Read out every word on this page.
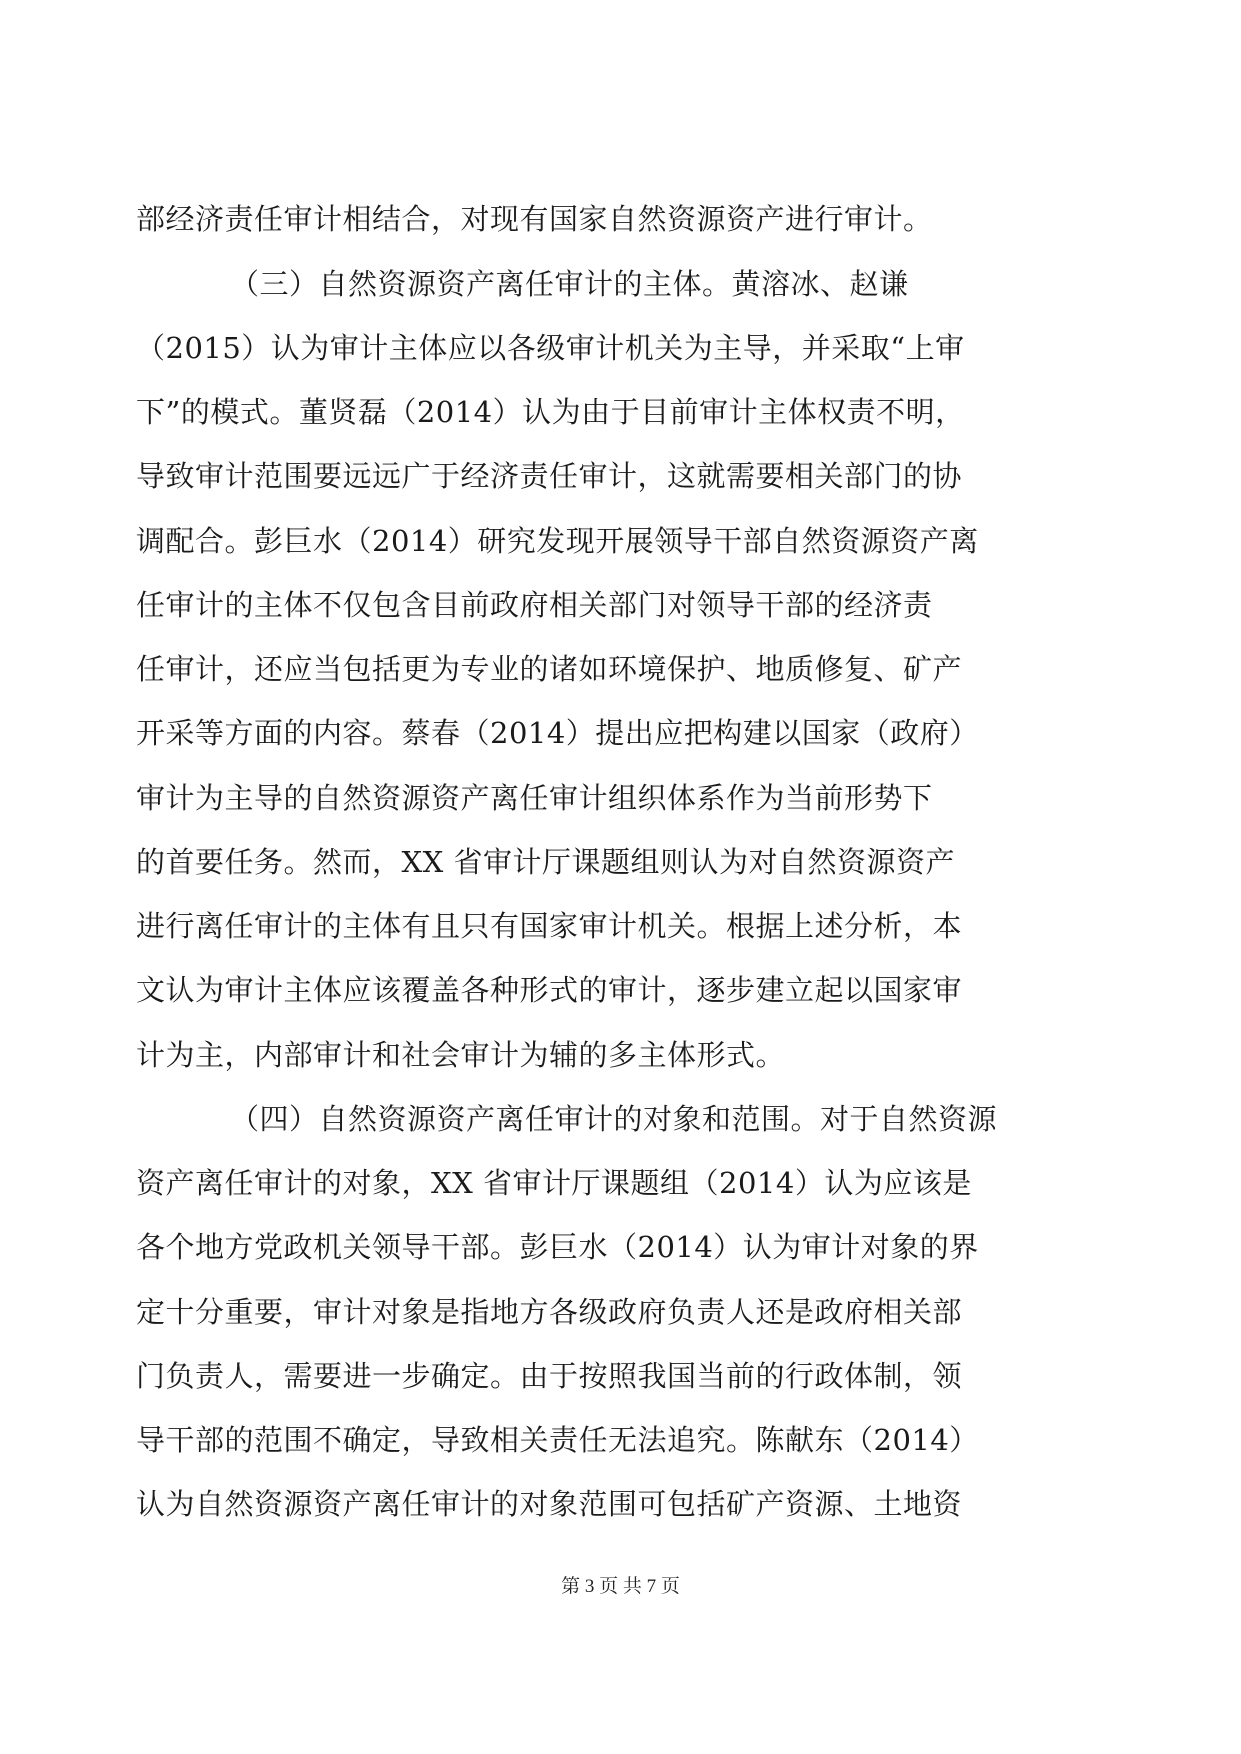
部经济责任审计相结合，对现有国家自然资源资产进行审计。
（三）自然资源资产离任审计的主体。黄溶冰、赵谦
（2015）认为审计主体应以各级审计机关为主导，并采取“上审
下”的模式。董贤磊（2014）认为由于目前审计主体权责不明，
导致审计范围要远远广于经济责任审计，这就需要相关部门的协
调配合。彭巨水（2014）研究发现开展领导干部自然资源资产离
任审计的主体不仅包含目前政府相关部门对领导干部的经济责
任审计，还应当包括更为专业的诸如环境保护、地质修复、矿产
开采等方面的内容。蔡春（2014）提出应把构建以国家（政府）
审计为主导的自然资源资产离任审计组织体系作为当前形势下
的首要任务。然而，XX 省审计厅课题组则认为对自然资源资产
进行离任审计的主体有且只有国家审计机关。根据上述分析，本
文认为审计主体应该覆盖各种形式的审计，逐步建立起以国家审
计为主，内部审计和社会审计为辅的多主体形式。
（四）自然资源资产离任审计的对象和范围。对于自然资源
资产离任审计的对象，XX 省审计厅课题组（2014）认为应该是
各个地方党政机关领导干部。彭巨水（2014）认为审计对象的界
定十分重要，审计对象是指地方各级政府负责人还是政府相关部
门负责人，需要进一步确定。由于按照我国当前的行政体制，领
导干部的范围不确定，导致相关责任无法追究。陈献东（2014）
认为自然资源资产离任审计的对象范围可包括矿产资源、土地资
第 3 页 共 7 页
